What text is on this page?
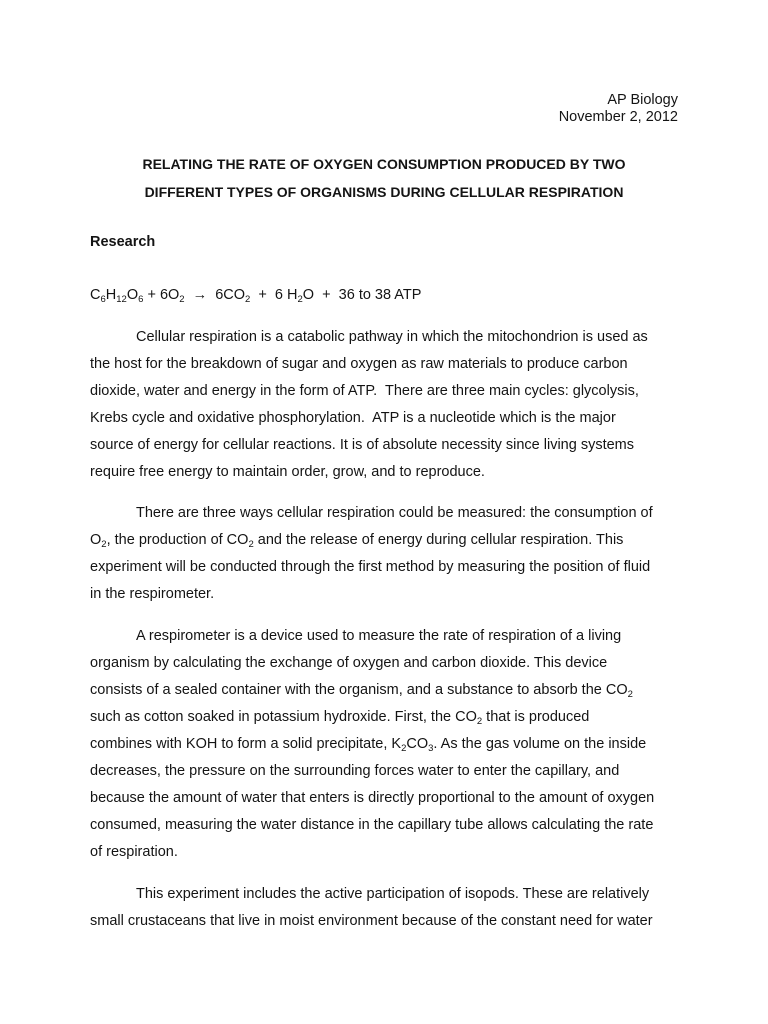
AP Biology
November 2, 2012
RELATING THE RATE OF OXYGEN CONSUMPTION PRODUCED BY TWO
DIFFERENT TYPES OF ORGANISMS DURING CELLULAR RESPIRATION
Research
$C_6H_{12}O_6 + 6O_2 \to 6CO_2 + 6$ $H_2O + 36$ to 38 ATP
Cellular respiration is a catabolic pathway in which the mitochondrion is used as
the host for the breakdown of sugar and oxygen as raw materials to produce carbon
dioxide, water and energy in the form of ATP.  There are three main cycles: glycolysis,
Krebs cycle and oxidative phosphorylation.  ATP is a nucleotide which is the major
source of energy for cellular reactions. It is of absolute necessity since living systems
require free energy to maintain order, grow, and to reproduce.
There are three ways cellular respiration could be measured: the consumption of
$O_2$, the production of $CO_2$ and the release of energy during cellular respiration. This
experiment will be conducted through the first method by measuring the position of fluid
in the respirometer.
A respirometer is a device used to measure the rate of respiration of a living
organism by calculating the exchange of oxygen and carbon dioxide. This device
consists of a sealed container with the organism, and a substance to absorb the $CO_2$
such as cotton soaked in potassium hydroxide. First, the $CO_2$ that is produced
combines with KOH to form a solid precipitate, $K_2CO_3$. As the gas volume on the inside
decreases, the pressure on the surrounding forces water to enter the capillary, and
because the amount of water that enters is directly proportional to the amount of oxygen
consumed, measuring the water distance in the capillary tube allows calculating the rate
of respiration.
This experiment includes the active participation of isopods. These are relatively
small crustaceans that live in moist environment because of the constant need for water
